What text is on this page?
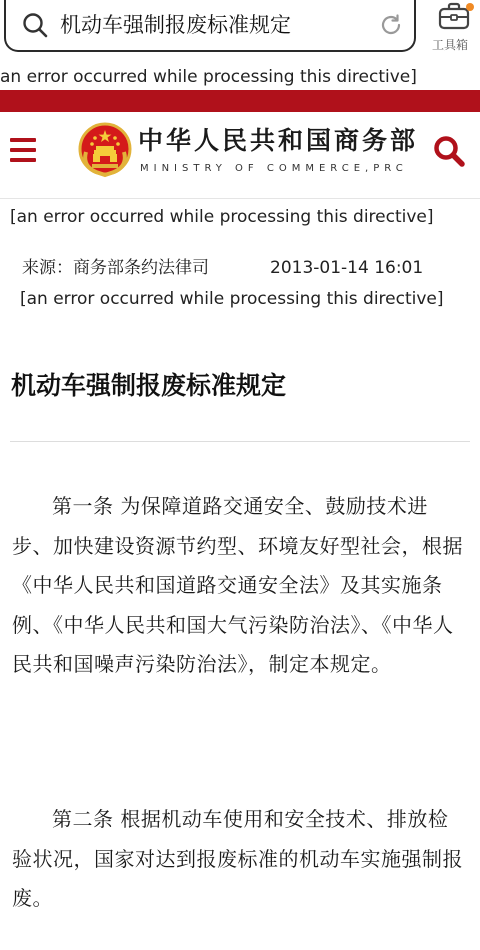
机动车强制报废标准规定
工具箱
an error occurred while processing this directive]
中华人民共和国商务部
MINISTRY OF COMMERCE,PRC
[an error occurred while processing this directive]
来源：商务部条约法律司	2013-01-14 16:01
[an error occurred while processing this directive]
机动车强制报废标准规定

第一条 为保障道路交通安全、鼓励技术进步、加快建设资源节约型、环境友好型社会，根据《中华人民共和国道路交通安全法》及其实施条例、《中华人民共和国大气污染防治法》、《中华人民共和国噪声污染防治法》，制定本规定。

第二条 根据机动车使用和安全技术、排放检验状况，国家对达到报废标准的机动车实施强制报废。
